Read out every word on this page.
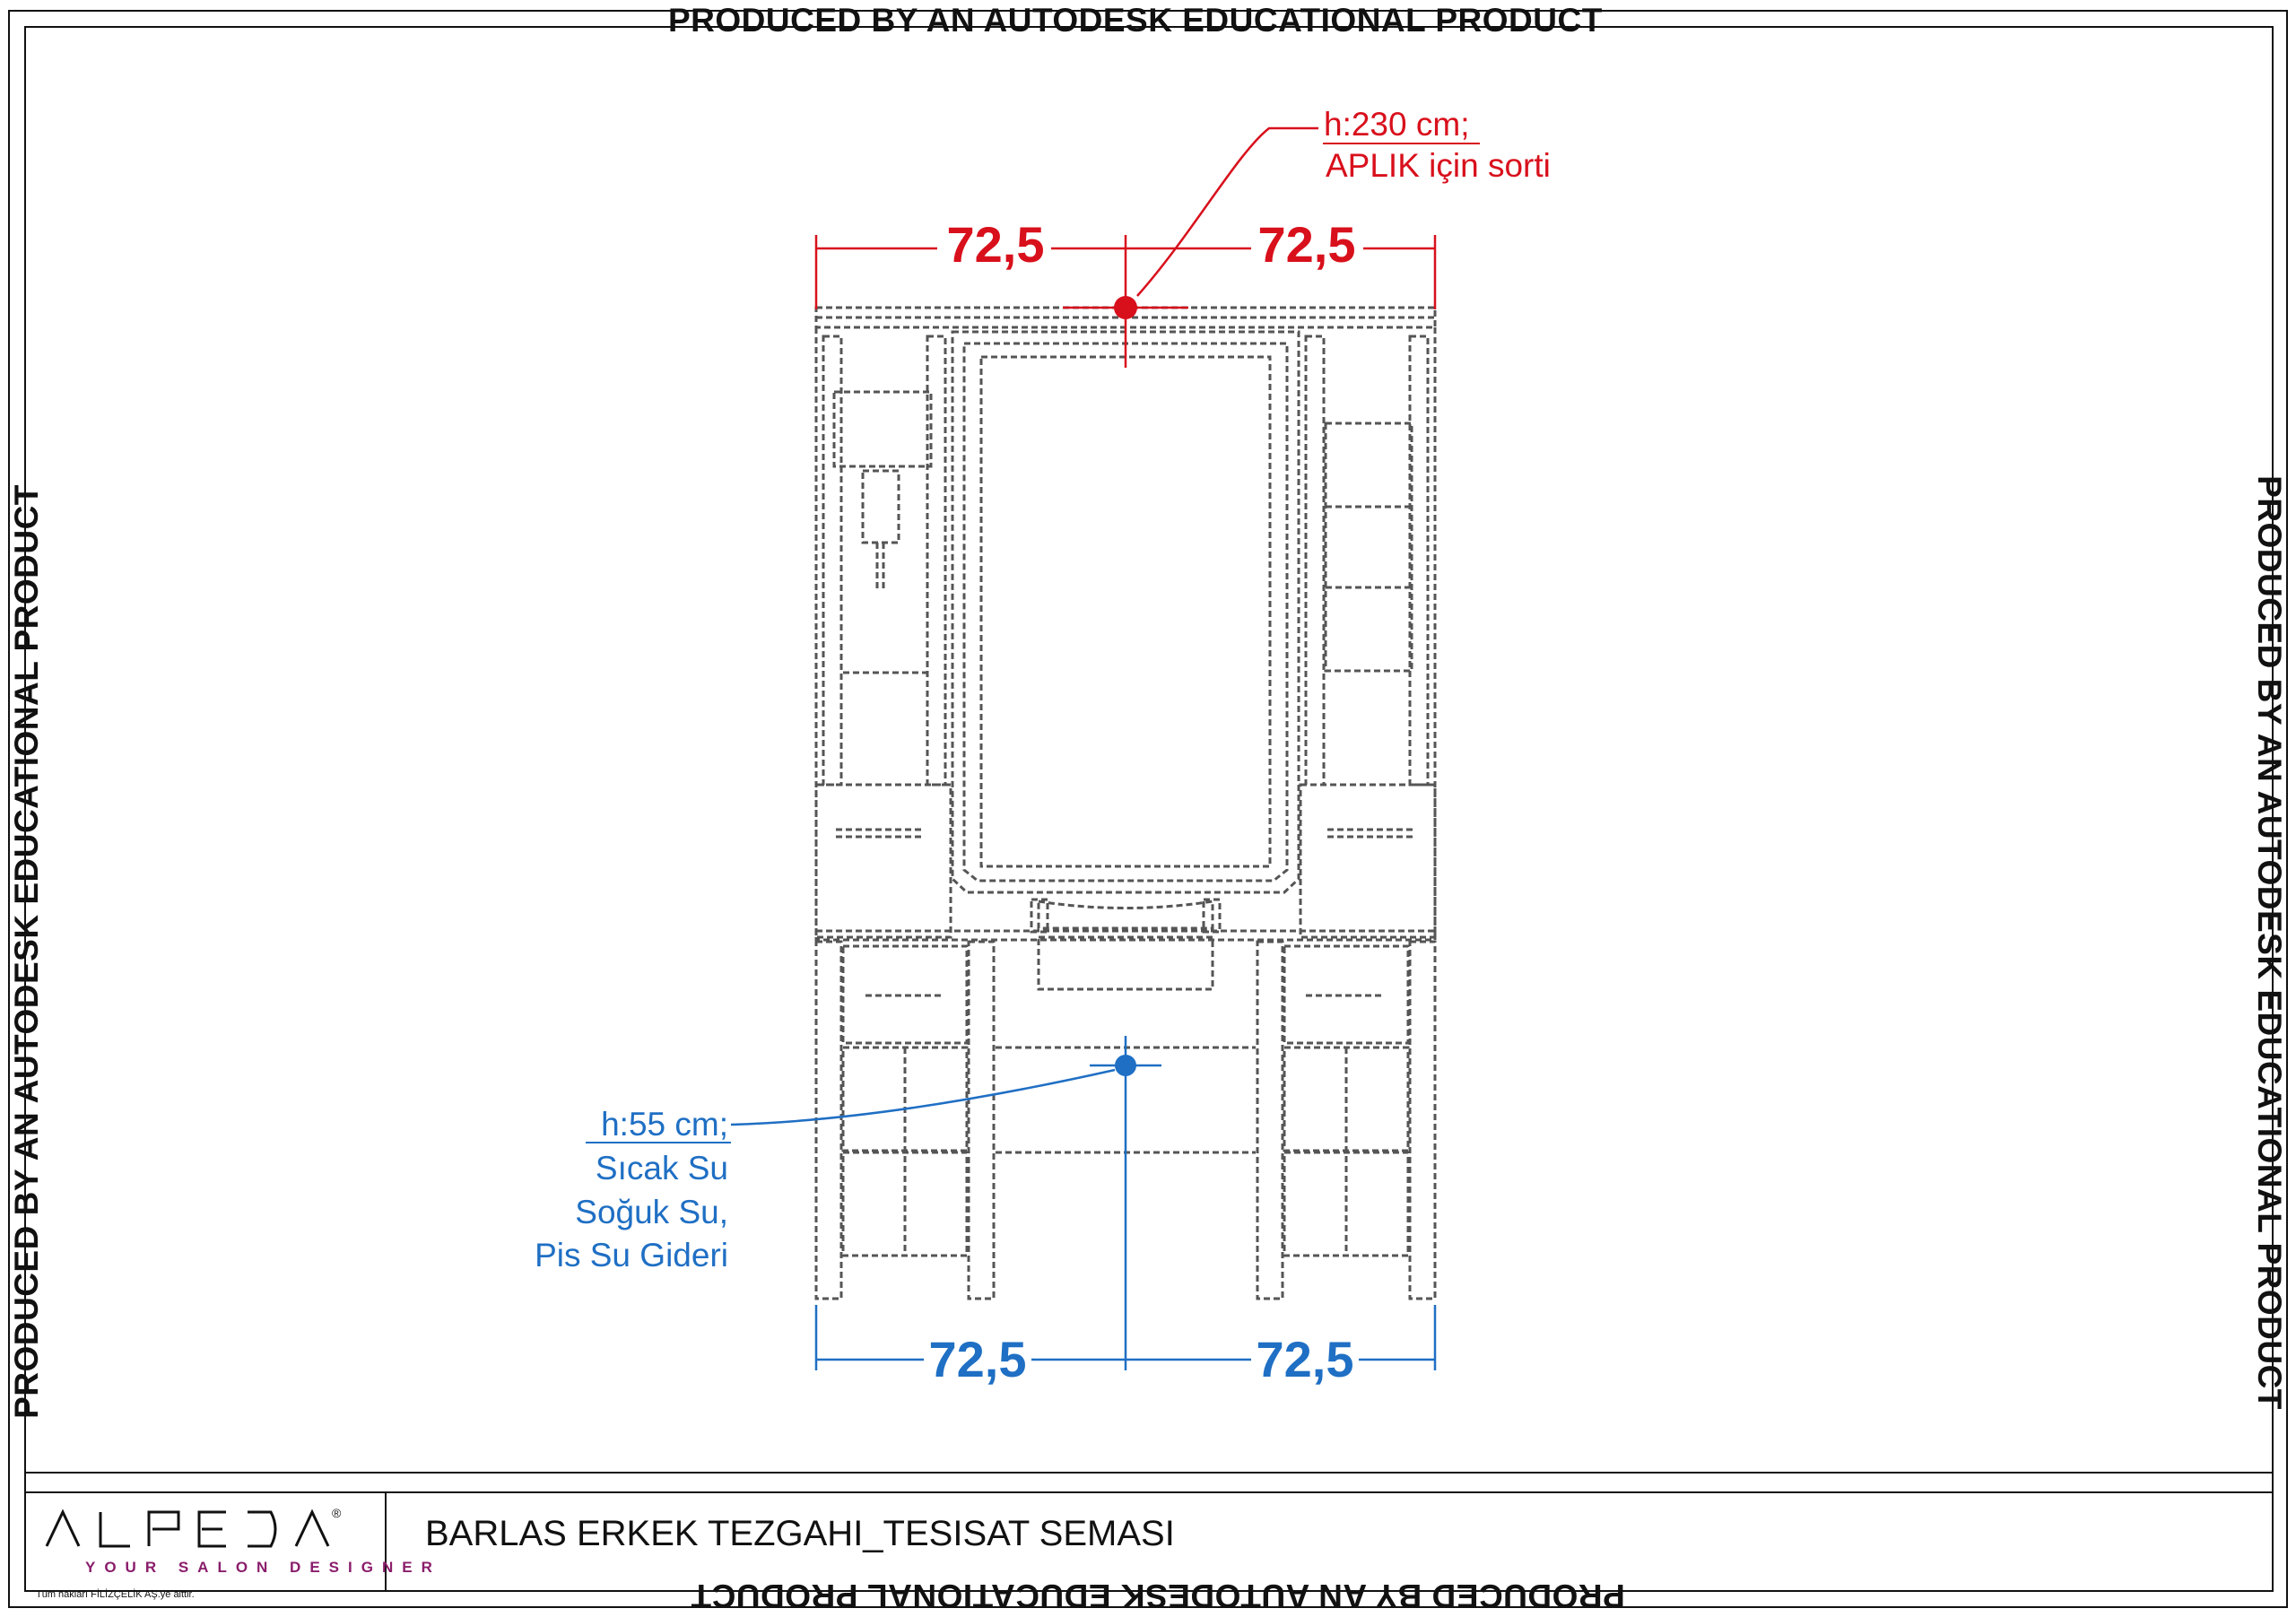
72,5	72,5
h:230 cm;
APLIK için sorti
72,5	72,5
h:55 cm;
Sıcak Su
Soğuk Su,
Pis Su Gideri
®
PRODUCED BY AN AUTODESK EDUCATIONAL PRODUCT
PRODUCED BY AN AUTODESK EDUCATIONAL PRODUCT
PRODUCED BY AN AUTODESK EDUCATIONAL PRODUCT	PRODUCED BY AN AUTODESK EDUCATIONAL PRODUCT
BARLAS ERKEK TEZGAHI_TESISAT SEMASI
YOUR SALON DESIGNER
Tüm hakları FİLİZÇELİK AŞ.ye aittir.
